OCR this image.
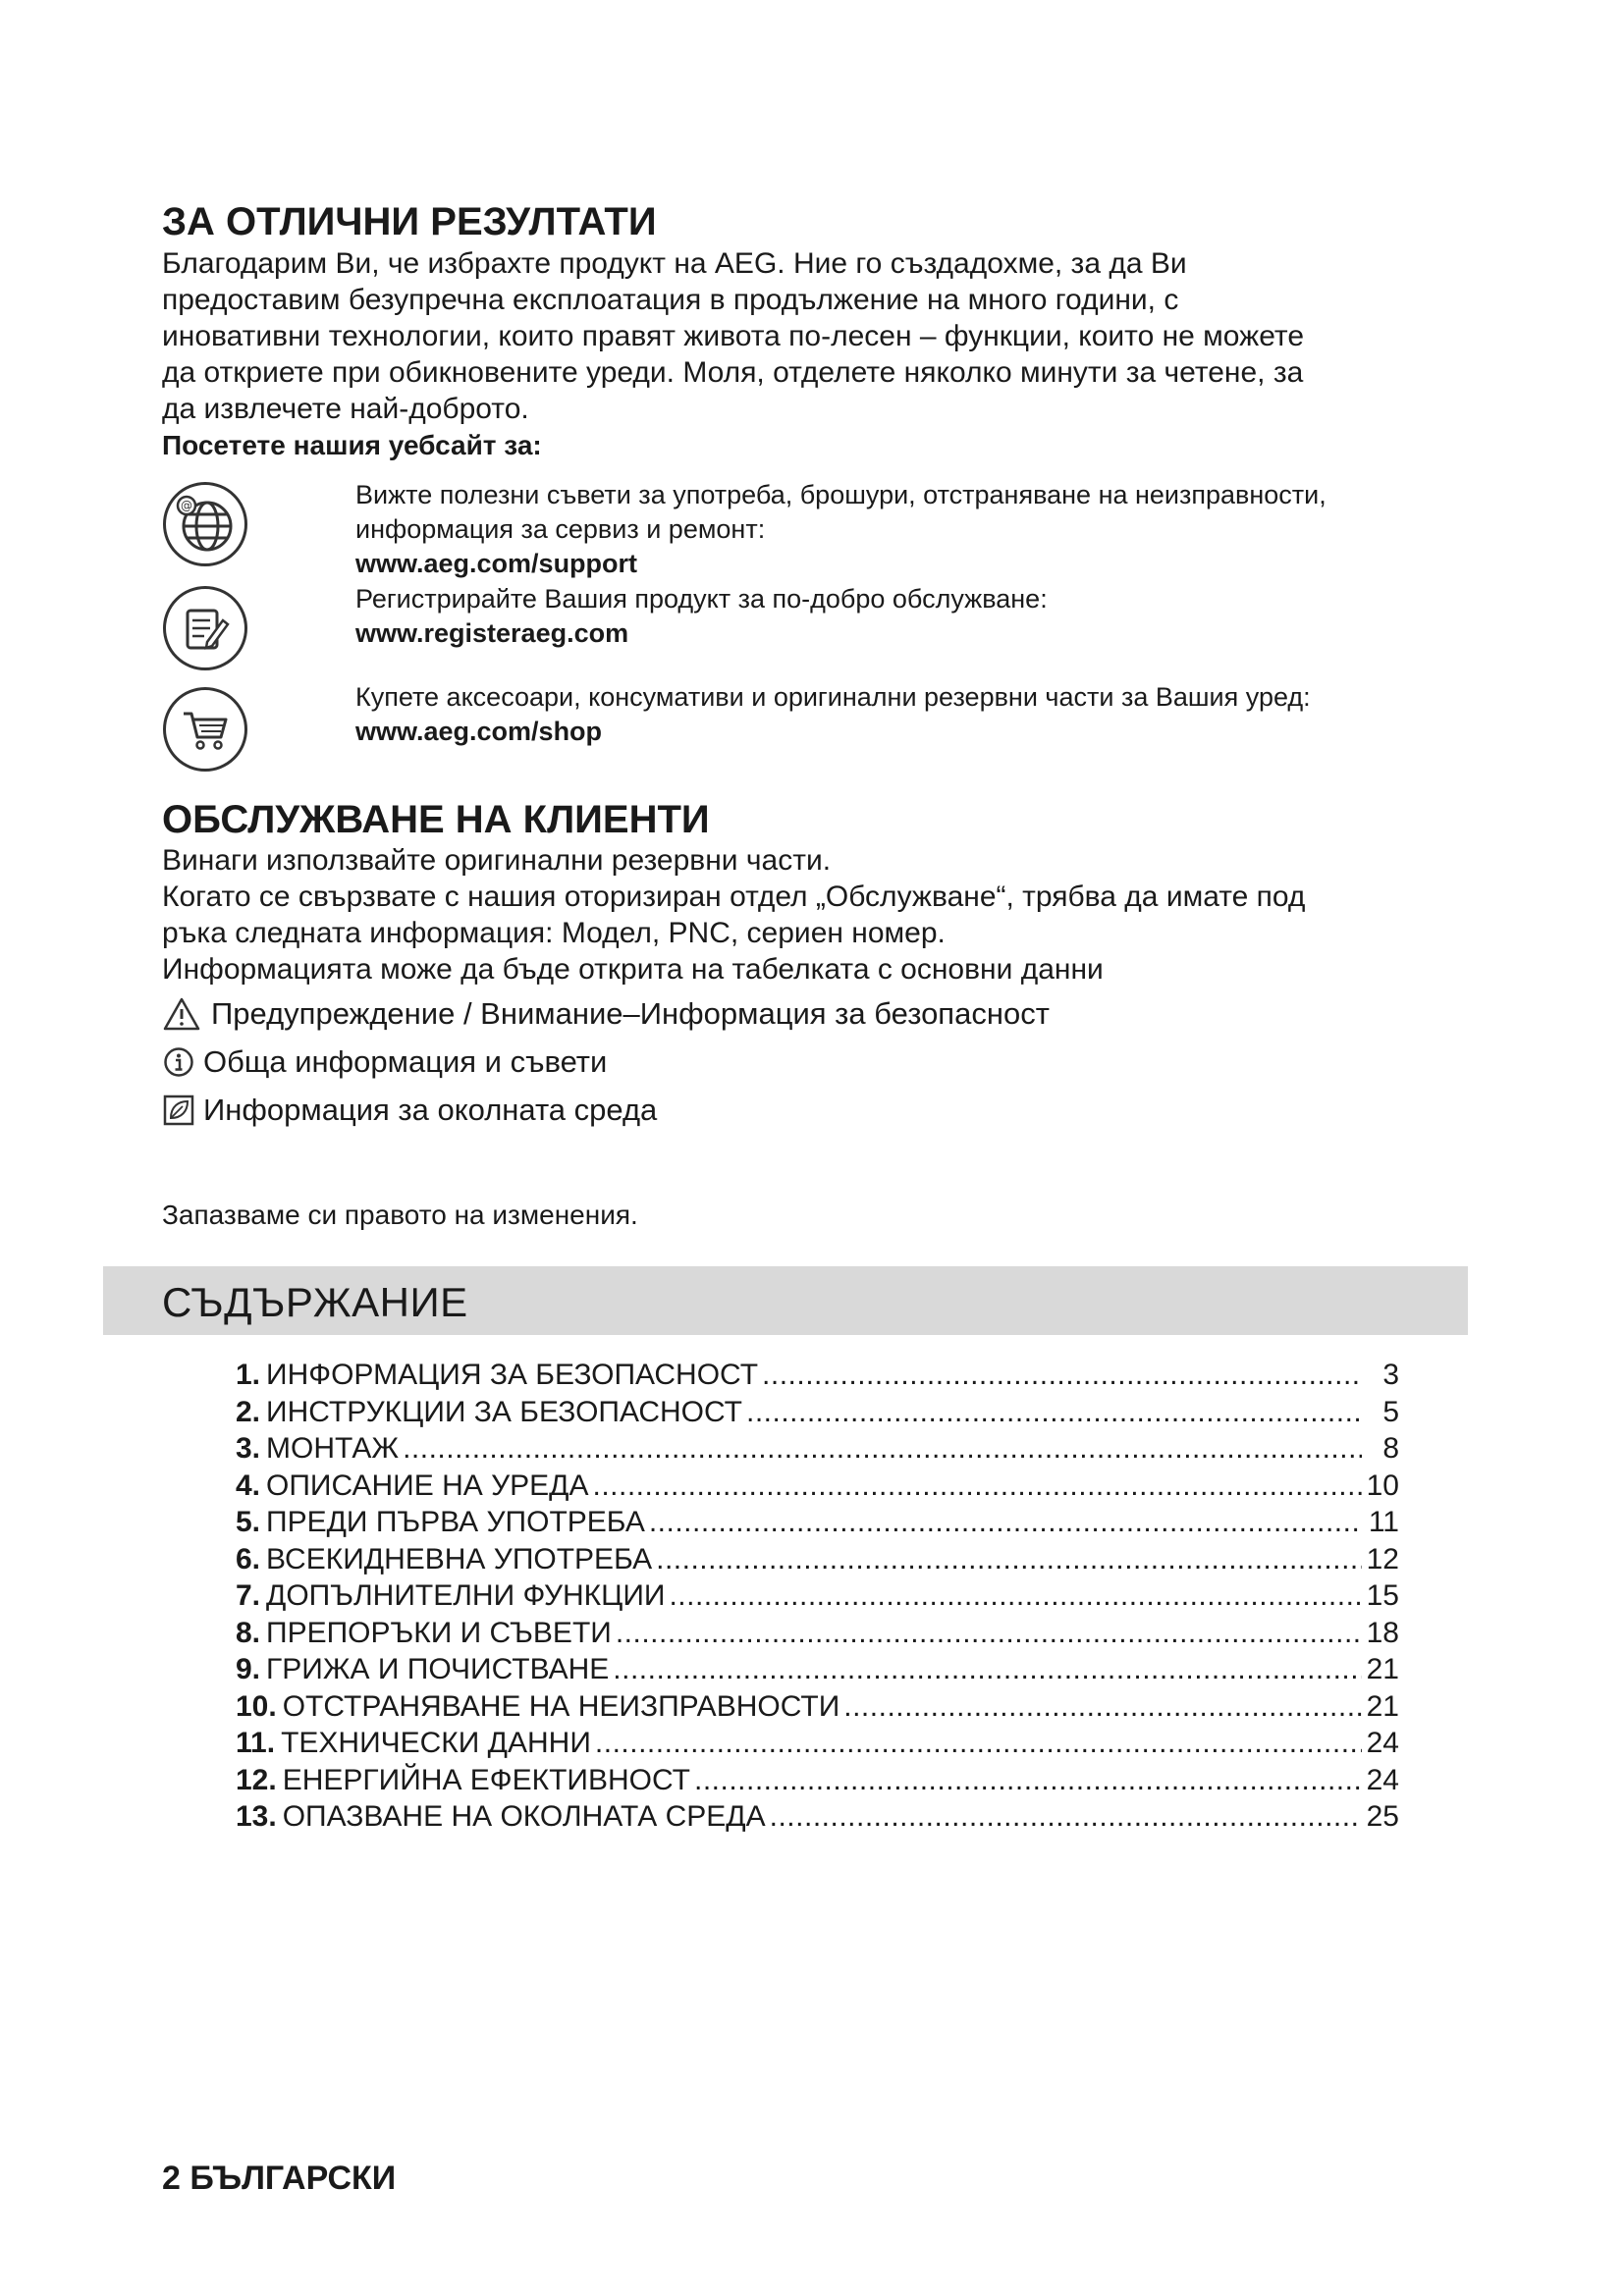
ЗА ОТЛИЧНИ РЕЗУЛТАТИ

Благодарим Ви, че избрахте продукт на AEG. Ние го създадохме, за да Ви

предоставим безупречна експлоатация в продължение на много години, с

иновативни технологии, които правят живота по-лесен – функции, които не можете

да откриете при обикновените уреди. Моля, отделете няколко минути за четене, за

да извлечете най-доброто.

Посетете нашия уебсайт за:
@	Вижте полезни съвети за употреба, брошури, отстраняване на неизправности,
информация за сервиз и ремонт:
www.aeg.com/support
Регистрирайте Вашия продукт за по-добро обслужване:
www.registeraeg.com
Купете аксесоари, консумативи и оригинални резервни части за Вашия уред:
www.aeg.com/shop
ОБСЛУЖВАНЕ НА КЛИЕНТИ

Винаги използвайте оригинални резервни части.

Когато се свързвате с нашия оторизиран отдел „Обслужване“, трябва да имате под

ръка следната информация: Модел, PNC, сериен номер.

Информацията може да бъде открита на табелката с основни данни

Предупреждение / Внимание–Информация за безопасност
Обща информация и съвети
Информация за околната среда
Запазваме си правото на изменения.
СЪДЪРЖАНИЕ
1. ИНФОРМАЦИЯ ЗА БЕЗОПАСНОСТ .....	3
2. ИНСТРУКЦИИ ЗА БЕЗОПАСНОСТ .....	5
3. МОНТАЖ .....	8
4. ОПИСАНИЕ НА УРЕДА .....	10
5. ПРЕДИ ПЪРВА УПОТРЕБА .....	11
6. ВСЕКИДНЕВНА УПОТРЕБА .....	12
7. ДОПЪЛНИТЕЛНИ ФУНКЦИИ .....	15
8. ПРЕПОРЪКИ И СЪВЕТИ .....	18
9. ГРИЖА И ПОЧИСТВАНЕ .....	21
10. ОТСТРАНЯВАНЕ НА НЕИЗПРАВНОСТИ .....	21
11. ТЕХНИЧЕСКИ ДАННИ .....	24
12. ЕНЕРГИЙНА ЕФЕКТИВНОСТ .....	24
13. ОПАЗВАНЕ НА ОКОЛНАТА СРЕДА .....	25
2 БЪЛГАРСКИ
